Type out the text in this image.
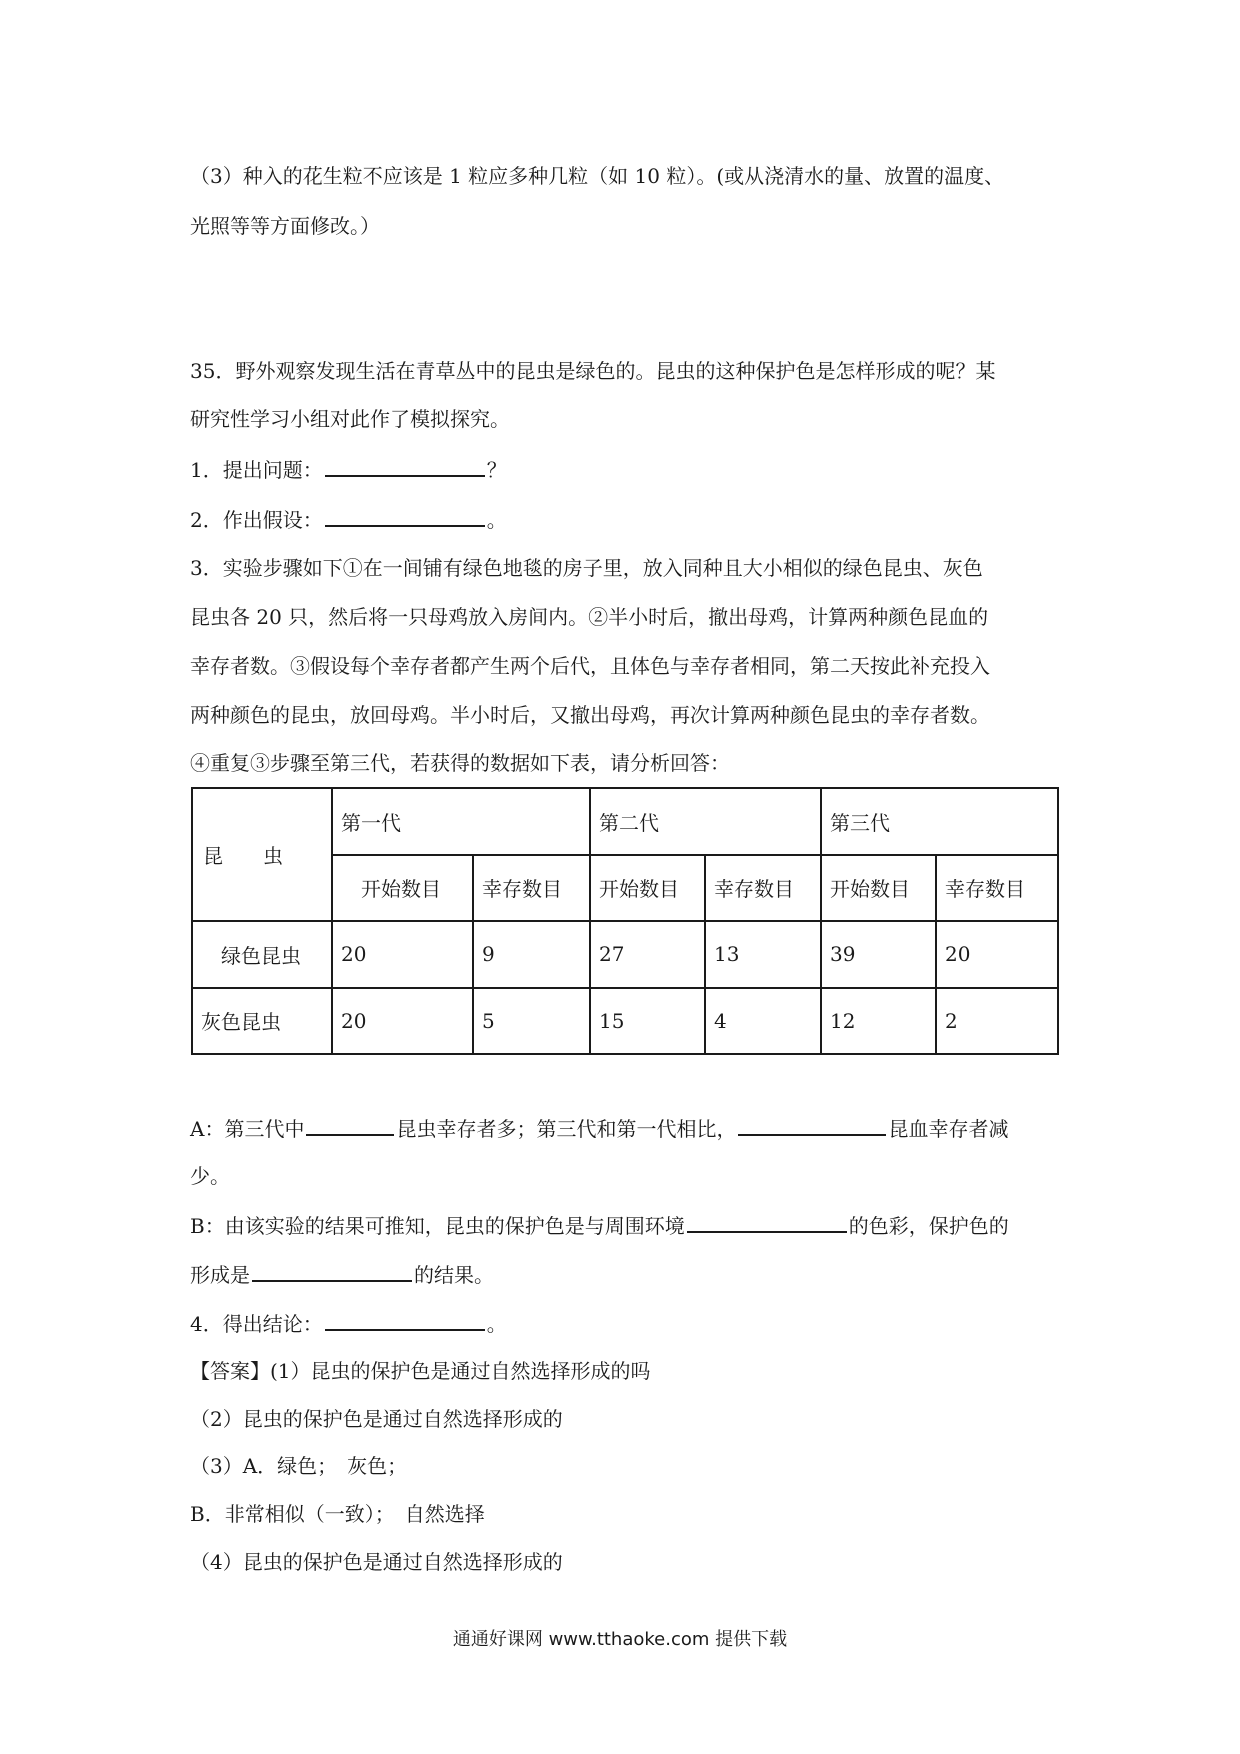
（3）种入的花生粒不应该是 1 粒应多种几粒（如 10 粒）。(或从浇清水的量、放置的温度、
光照等等方面修改。）
35．野外观察发现生活在青草丛中的昆虫是绿色的。昆虫的这种保护色是怎样形成的呢？某
研究性学习小组对此作了模拟探究。
1．提出问题：	？
2．作出假设：	。
3．实验步骤如下①在一间铺有绿色地毯的房子里，放入同种且大小相似的绿色昆虫、灰色
昆虫各 20 只，然后将一只母鸡放入房间内。②半小时后，撤出母鸡，计算两种颜色昆血的
幸存者数。③假设每个幸存者都产生两个后代，且体色与幸存者相同，第二天按此补充投入
两种颜色的昆虫，放回母鸡。半小时后，又撤出母鸡，再次计算两种颜色昆虫的幸存者数。
④重复③步骤至第三代，若获得的数据如下表，请分析回答：
昆　　虫	第一代		第二代		第三代	
	开始数目	幸存数目	开始数目	幸存数目	开始数目	幸存数目
绿色昆虫	20	9	27	13	39	20
灰色昆虫	20	5	15	4	12	2
A：第三代中	昆虫幸存者多；第三代和第一代相比，	昆血幸存者减
少。
B：由该实验的结果可推知，昆虫的保护色是与周围环境	的色彩，保护色的
形成是	的结果。
4．得出结论：	。
【答案】(1）昆虫的保护色是通过自然选择形成的吗
（2）昆虫的保护色是通过自然选择形成的
（3）A．绿色；　灰色；
B．非常相似（一致）；　自然选择
（4）昆虫的保护色是通过自然选择形成的
通通好课网 www.tthaoke.com 提供下载
